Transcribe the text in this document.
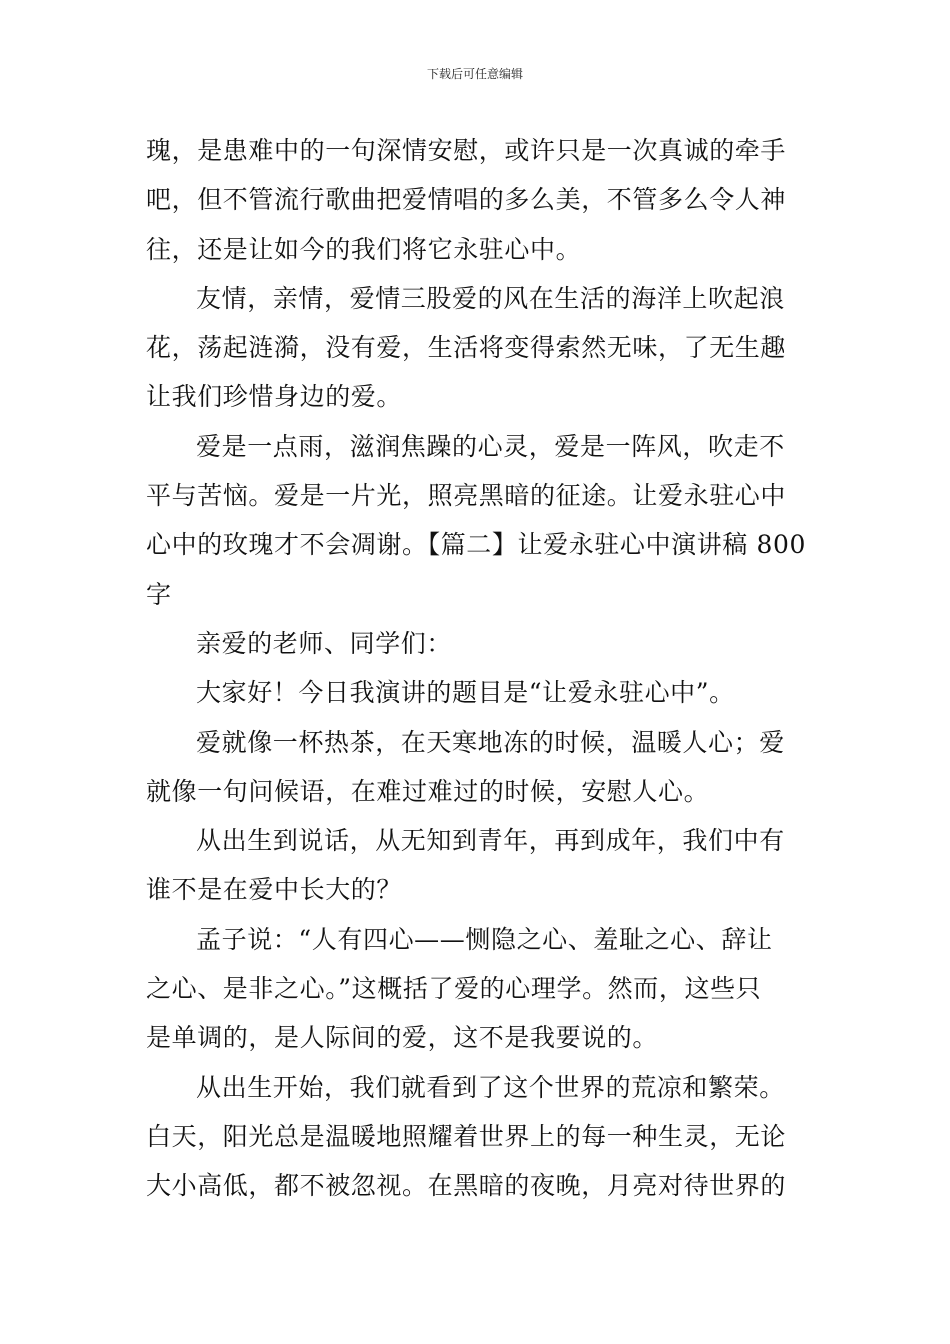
下载后可任意编辑
瑰，是患难中的一句深情安慰，或许只是一次真诚的牵手
吧，但不管流行歌曲把爱情唱的多么美，不管多么令人神
往，还是让如今的我们将它永驻心中。
友情，亲情，爱情三股爱的风在生活的海洋上吹起浪
花，荡起涟漪，没有爱，生活将变得索然无味，了无生趣
让我们珍惜身边的爱。
爱是一点雨，滋润焦躁的心灵，爱是一阵风，吹走不
平与苦恼。爱是一片光，照亮黑暗的征途。让爱永驻心中
心中的玫瑰才不会凋谢。【篇二】让爱永驻心中演讲稿 800
字
亲爱的老师、同学们：
大家好！今日我演讲的题目是“让爱永驻心中”。
爱就像一杯热茶，在天寒地冻的时候，温暖人心；爱
就像一句问候语，在难过难过的时候，安慰人心。
从出生到说话，从无知到青年，再到成年，我们中有
谁不是在爱中长大的？
孟子说：“人有四心——恻隐之心、羞耻之心、辞让
之心、是非之心。”这概括了爱的心理学。然而，这些只
是单调的，是人际间的爱，这不是我要说的。
从出生开始，我们就看到了这个世界的荒凉和繁荣。
白天，阳光总是温暖地照耀着世界上的每一种生灵，无论
大小高低，都不被忽视。在黑暗的夜晚，月亮对待世界的
